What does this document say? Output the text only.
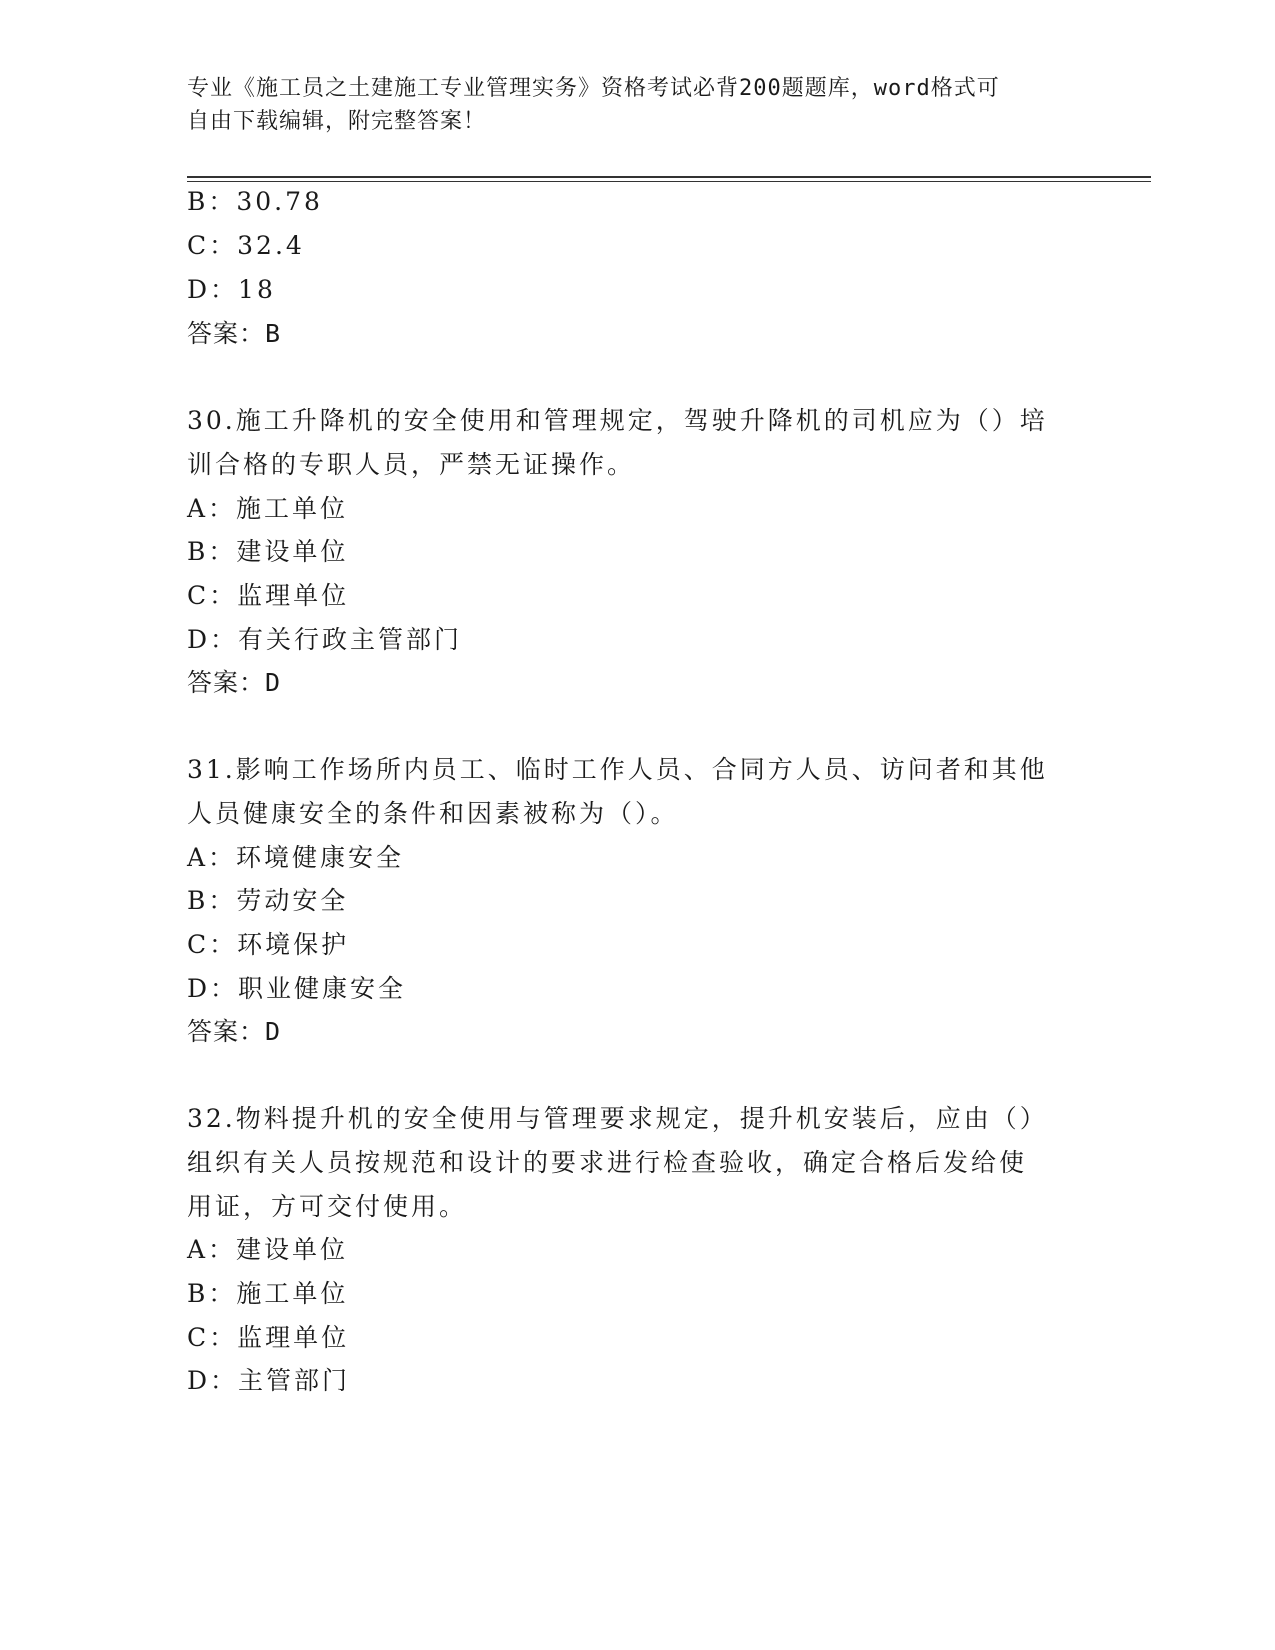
专业《施工员之土建施工专业管理实务》资格考试必背200题题库，word格式可
自由下载编辑，附完整答案！
B：30.78
C：32.4
D：18
答案：B
30.施工升降机的安全使用和管理规定，驾驶升降机的司机应为（）培
训合格的专职人员，严禁无证操作。
A：施工单位
B：建设单位
C：监理单位
D：有关行政主管部门
答案：D
31.影响工作场所内员工、临时工作人员、合同方人员、访问者和其他
人员健康安全的条件和因素被称为（）。
A：环境健康安全
B：劳动安全
C：环境保护
D：职业健康安全
答案：D
32.物料提升机的安全使用与管理要求规定，提升机安装后，应由（）
组织有关人员按规范和设计的要求进行检查验收，确定合格后发给使
用证，方可交付使用。
A：建设单位
B：施工单位
C：监理单位
D：主管部门
